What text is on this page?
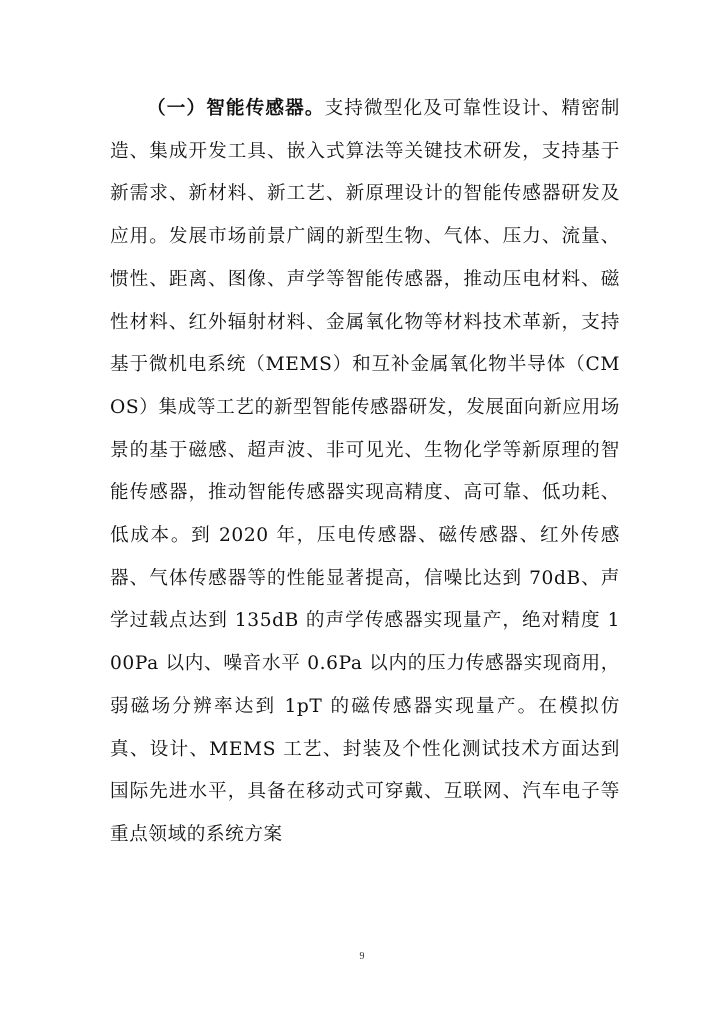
（一）智能传感器。支持微型化及可靠性设计、精密制造、集成开发工具、嵌入式算法等关键技术研发，支持基于新需求、新材料、新工艺、新原理设计的智能传感器研发及应用。发展市场前景广阔的新型生物、气体、压力、流量、惯性、距离、图像、声学等智能传感器，推动压电材料、磁性材料、红外辐射材料、金属氧化物等材料技术革新，支持基于微机电系统（MEMS）和互补金属氧化物半导体（CMOS）集成等工艺的新型智能传感器研发，发展面向新应用场景的基于磁感、超声波、非可见光、生物化学等新原理的智能传感器，推动智能传感器实现高精度、高可靠、低功耗、低成本。到 2020 年，压电传感器、磁传感器、红外传感器、气体传感器等的性能显著提高，信噪比达到 70dB、声学过载点达到 135dB 的声学传感器实现量产，绝对精度 100Pa 以内、噪音水平 0.6Pa 以内的压力传感器实现商用，弱磁场分辨率达到 1pT 的磁传感器实现量产。在模拟仿真、设计、MEMS 工艺、封装及个性化测试技术方面达到国际先进水平，具备在移动式可穿戴、互联网、汽车电子等重点领域的系统方案

9
